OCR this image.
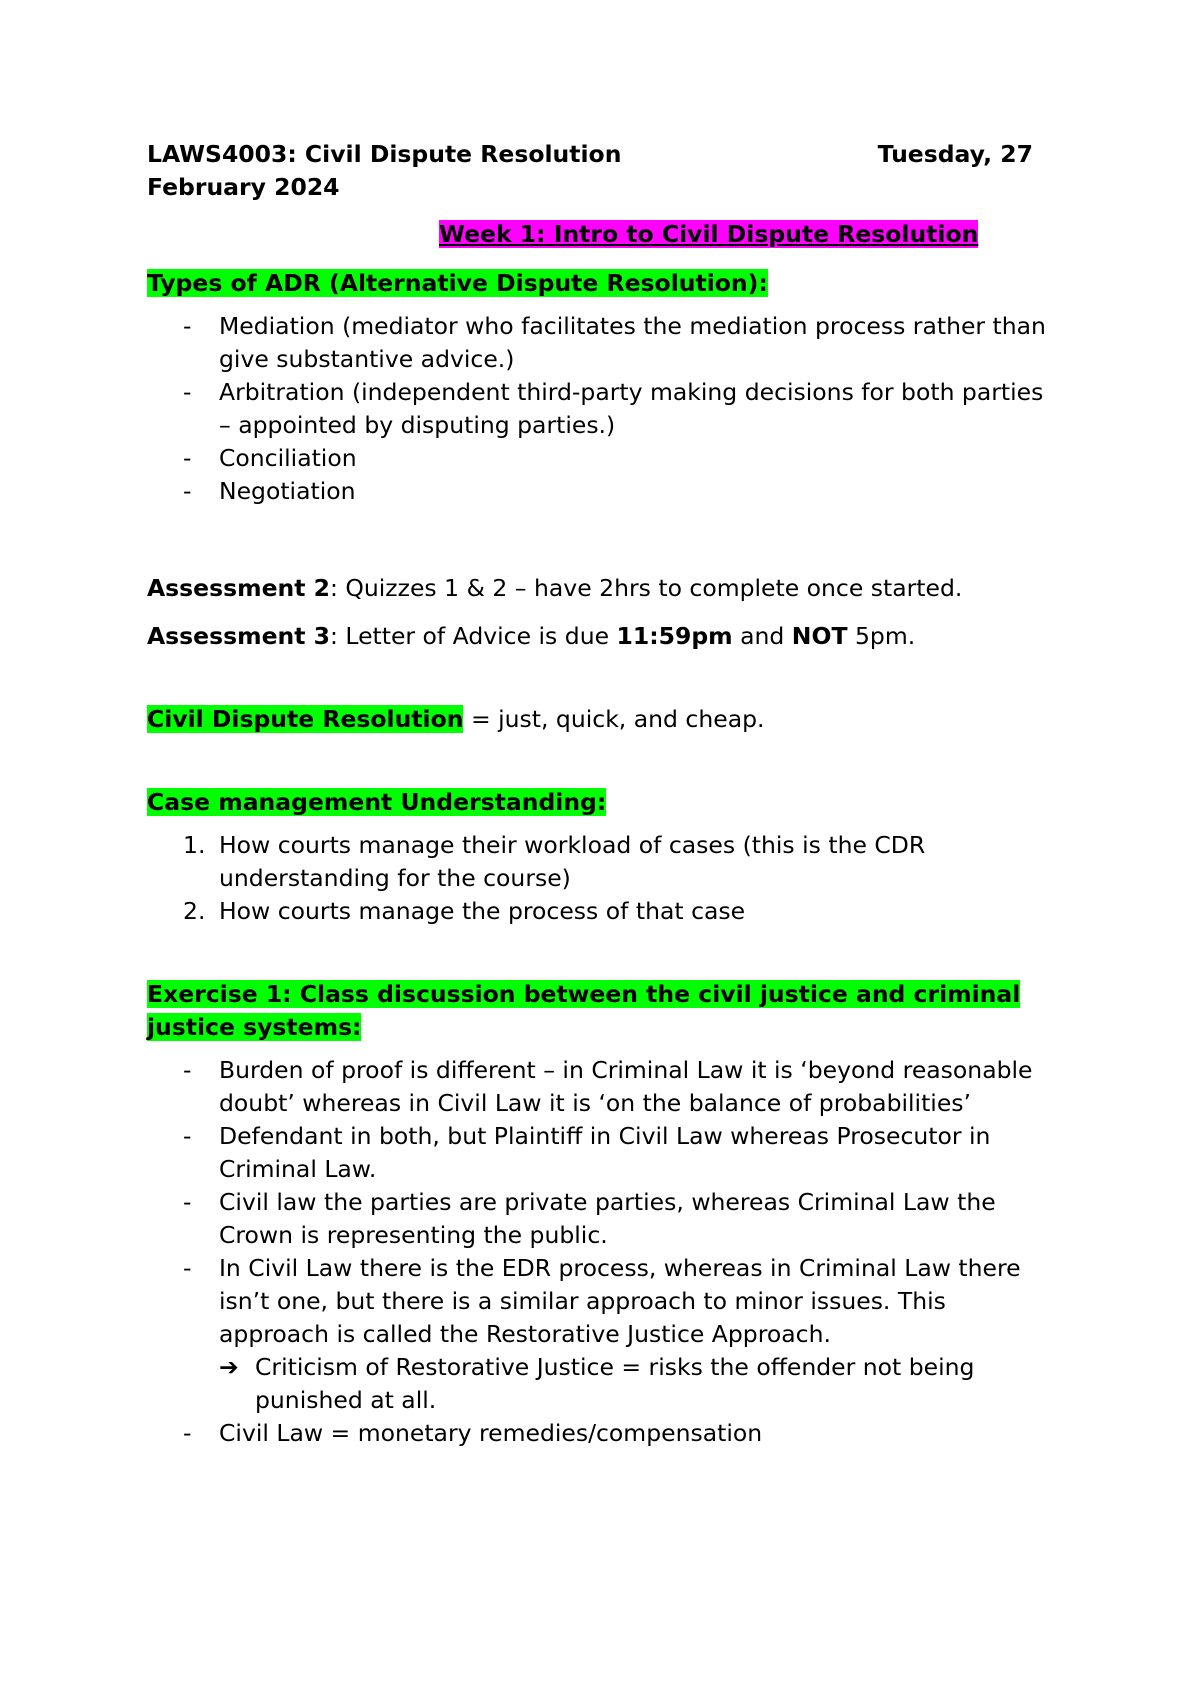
LAWS4003: Civil Dispute Resolution	Tuesday, 27
February 2024
Week 1: Intro to Civil Dispute Resolution
Types of ADR (Alternative Dispute Resolution):
- Mediation (mediator who facilitates the mediation process rather than give substantive advice.)
- Arbitration (independent third-party making decisions for both parties – appointed by disputing parties.)
- Conciliation
- Negotiation
Assessment 2: Quizzes 1 & 2 – have 2hrs to complete once started.
Assessment 3: Letter of Advice is due 11:59pm and NOT 5pm.
Civil Dispute Resolution = just, quick, and cheap.
Case management Understanding:
1. How courts manage their workload of cases (this is the CDR understanding for the course)
2. How courts manage the process of that case
Exercise 1: Class discussion between the civil justice and criminal justice systems:
- Burden of proof is different – in Criminal Law it is ‘beyond reasonable doubt’ whereas in Civil Law it is ‘on the balance of probabilities’
- Defendant in both, but Plaintiff in Civil Law whereas Prosecutor in Criminal Law.
- Civil law the parties are private parties, whereas Criminal Law the Crown is representing the public.
- In Civil Law there is the EDR process, whereas in Criminal Law there isn’t one, but there is a similar approach to minor issues. This approach is called the Restorative Justice Approach.
➔ Criticism of Restorative Justice = risks the offender not being punished at all.
- Civil Law = monetary remedies/compensation
